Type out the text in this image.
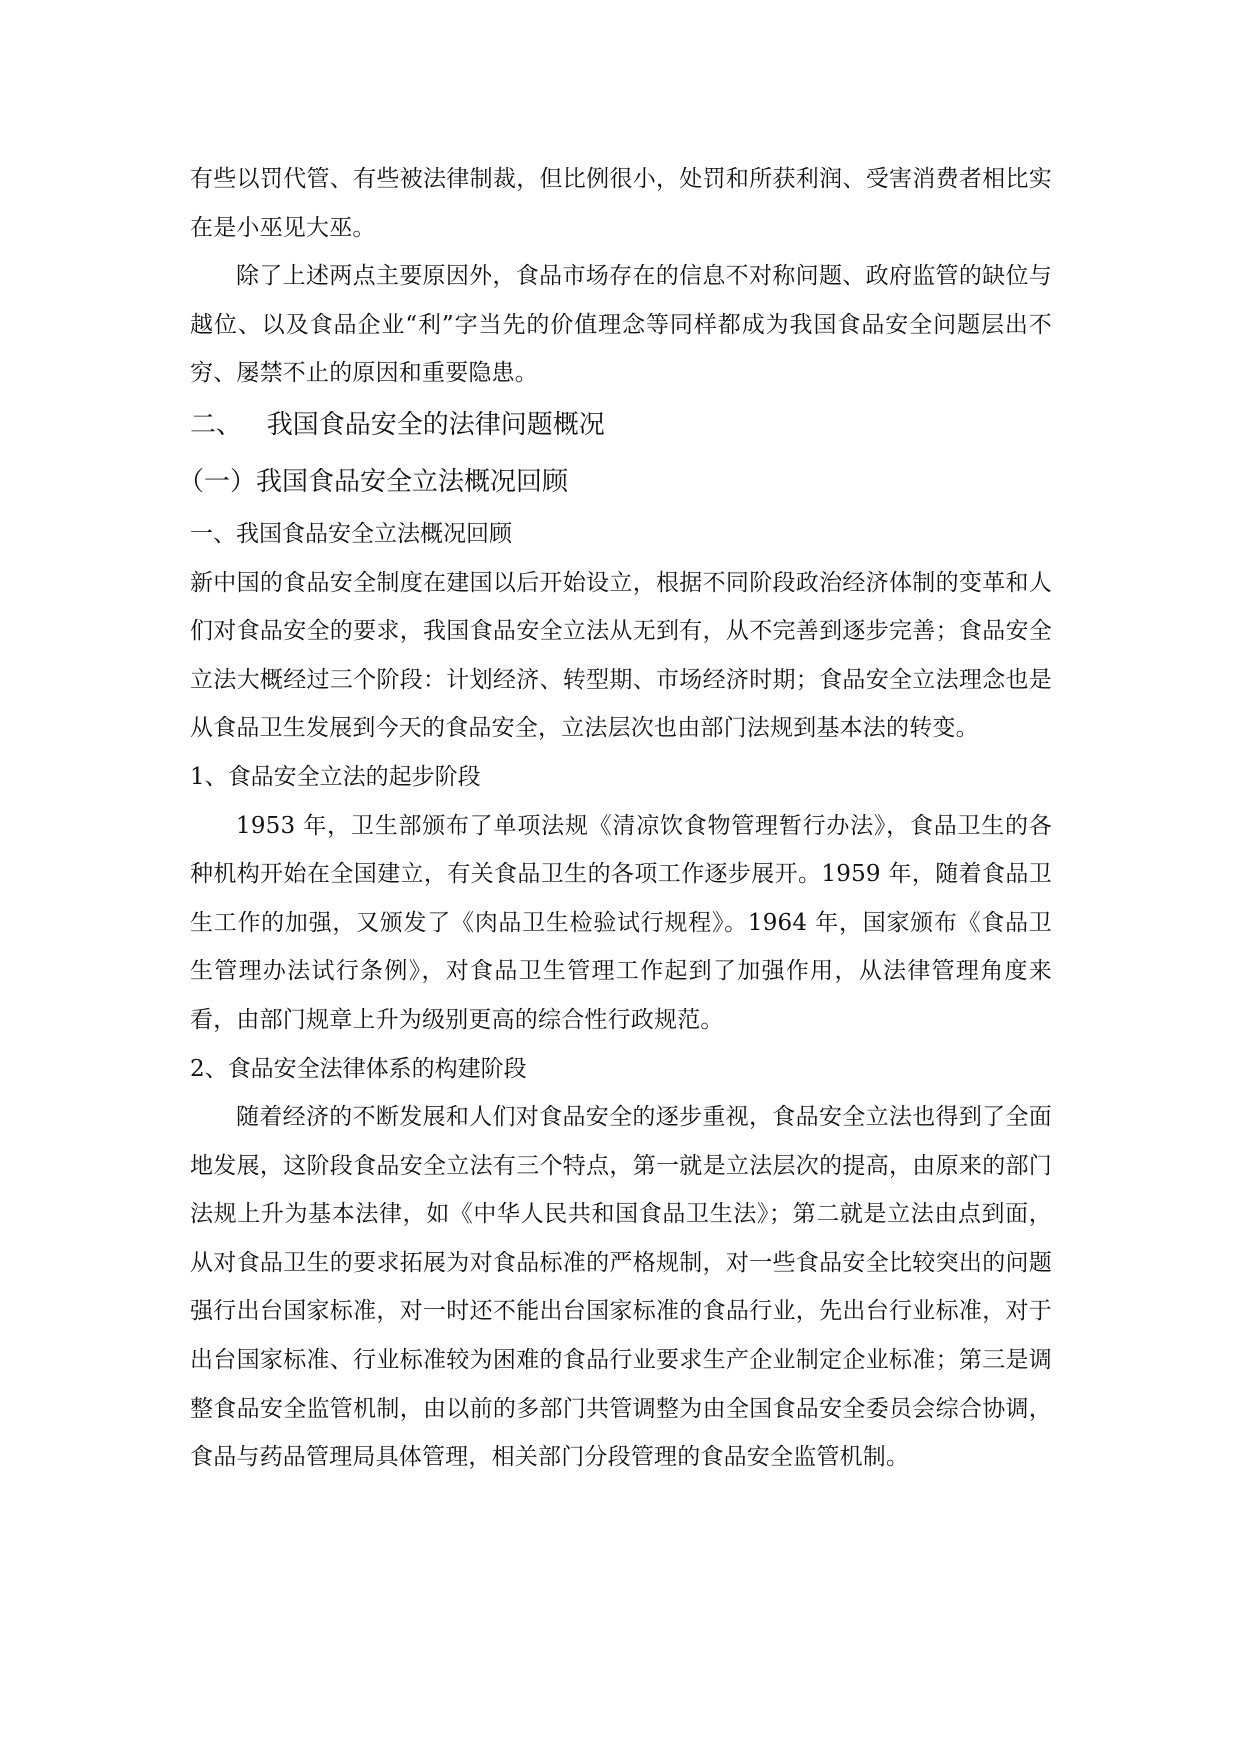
有些以罚代管、有些被法律制裁，但比例很小，处罚和所获利润、受害消费者相比实在是小巫见大巫。

除了上述两点主要原因外，食品市场存在的信息不对称问题、政府监管的缺位与越位、以及食品企业“利”字当先的价值理念等同样都成为我国食品安全问题层出不穷、屡禁不止的原因和重要隐患。

二、   我国食品安全的法律问题概况
（一）我国食品安全立法概况回顾
一、我国食品安全立法概况回顾

新中国的食品安全制度在建国以后开始设立，根据不同阶段政治经济体制的变革和人们对食品安全的要求，我国食品安全立法从无到有，从不完善到逐步完善；食品安全立法大概经过三个阶段：计划经济、转型期、市场经济时期；食品安全立法理念也是从食品卫生发展到今天的食品安全，立法层次也由部门法规到基本法的转变。

1、食品安全立法的起步阶段

1953 年，卫生部颁布了单项法规《清凉饮食物管理暂行办法》，食品卫生的各种机构开始在全国建立，有关食品卫生的各项工作逐步展开。1959 年，随着食品卫生工作的加强，又颁发了《肉品卫生检验试行规程》。1964 年，国家颁布《食品卫生管理办法试行条例》，对食品卫生管理工作起到了加强作用，从法律管理角度来看，由部门规章上升为级别更高的综合性行政规范。

2、食品安全法律体系的构建阶段

随着经济的不断发展和人们对食品安全的逐步重视，食品安全立法也得到了全面地发展，这阶段食品安全立法有三个特点，第一就是立法层次的提高，由原来的部门法规上升为基本法律，如《中华人民共和国食品卫生法》；第二就是立法由点到面，从对食品卫生的要求拓展为对食品标准的严格规制，对一些食品安全比较突出的问题强行出台国家标准，对一时还不能出台国家标准的食品行业，先出台行业标准，对于出台国家标准、行业标准较为困难的食品行业要求生产企业制定企业标准；第三是调整食品安全监管机制，由以前的多部门共管调整为由全国食品安全委员会综合协调，食品与药品管理局具体管理，相关部门分段管理的食品安全监管机制。
